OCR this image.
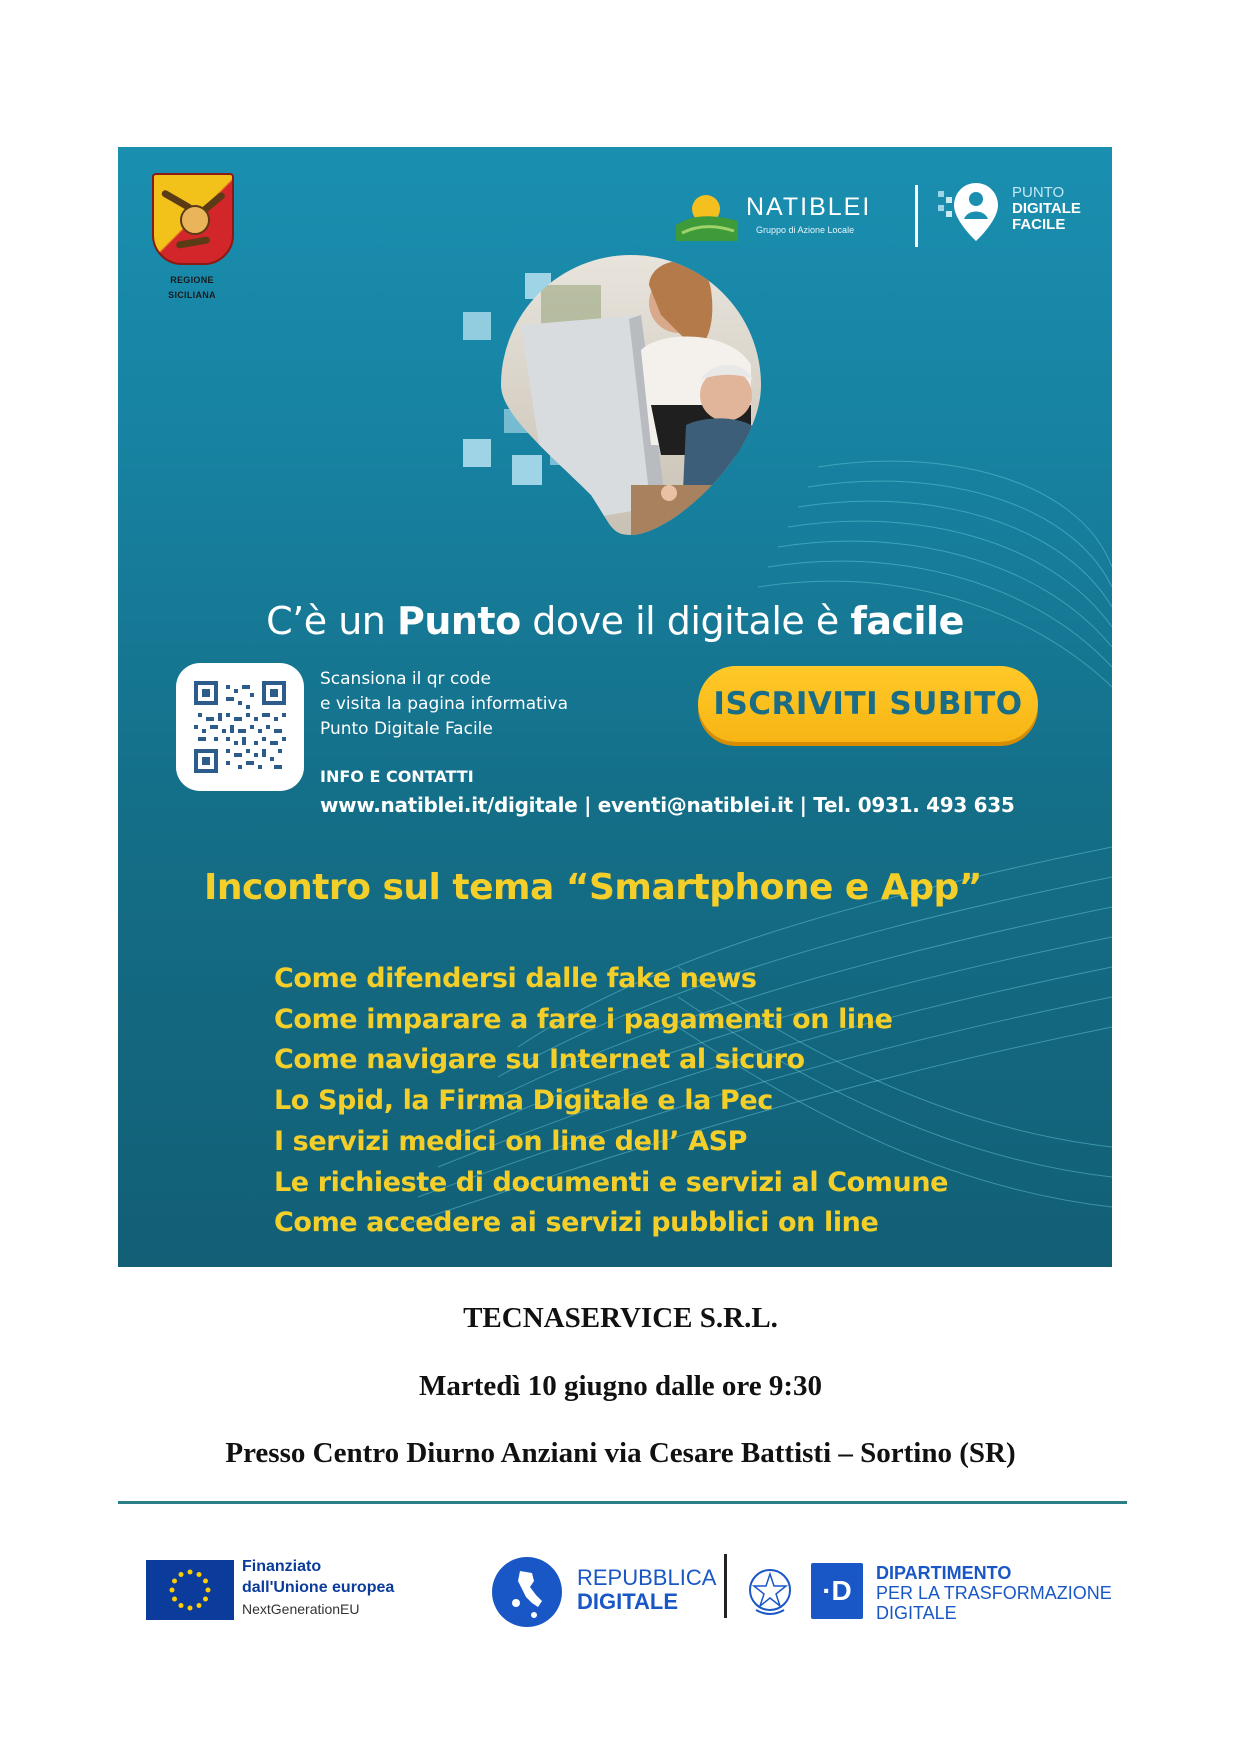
REGIONE
SICILIANA
NATIBLEI
Gruppo di Azione Locale
PUNTO
DIGITALE
FACILE
C’è un Punto dove il digitale è facile
Scansiona il qr code
e visita la pagina informativa
Punto Digitale Facile
ISCRIVITI SUBITO
INFO E CONTATTI
www.natiblei.it/digitale | eventi@natiblei.it | Tel. 0931. 493 635
Incontro sul tema “Smartphone e App”
Come difendersi dalle fake news
Come imparare a fare i pagamenti on line
Come navigare su Internet al sicuro
Lo Spid, la Firma Digitale e la Pec
I servizi medici on line dell’ ASP
Le richieste di documenti e servizi al Comune
Come accedere ai servizi pubblici on line
TECNASERVICE S.R.L.
Martedì 10 giugno dalle ore 9:30
Presso Centro Diurno Anziani via Cesare Battisti – Sortino (SR)
Finanziato
dall'Unione europea
NextGenerationEU
REPUBBLICA
DIGITALE	·D
DIPARTIMENTO
PER LA TRASFORMAZIONE
DIGITALE
